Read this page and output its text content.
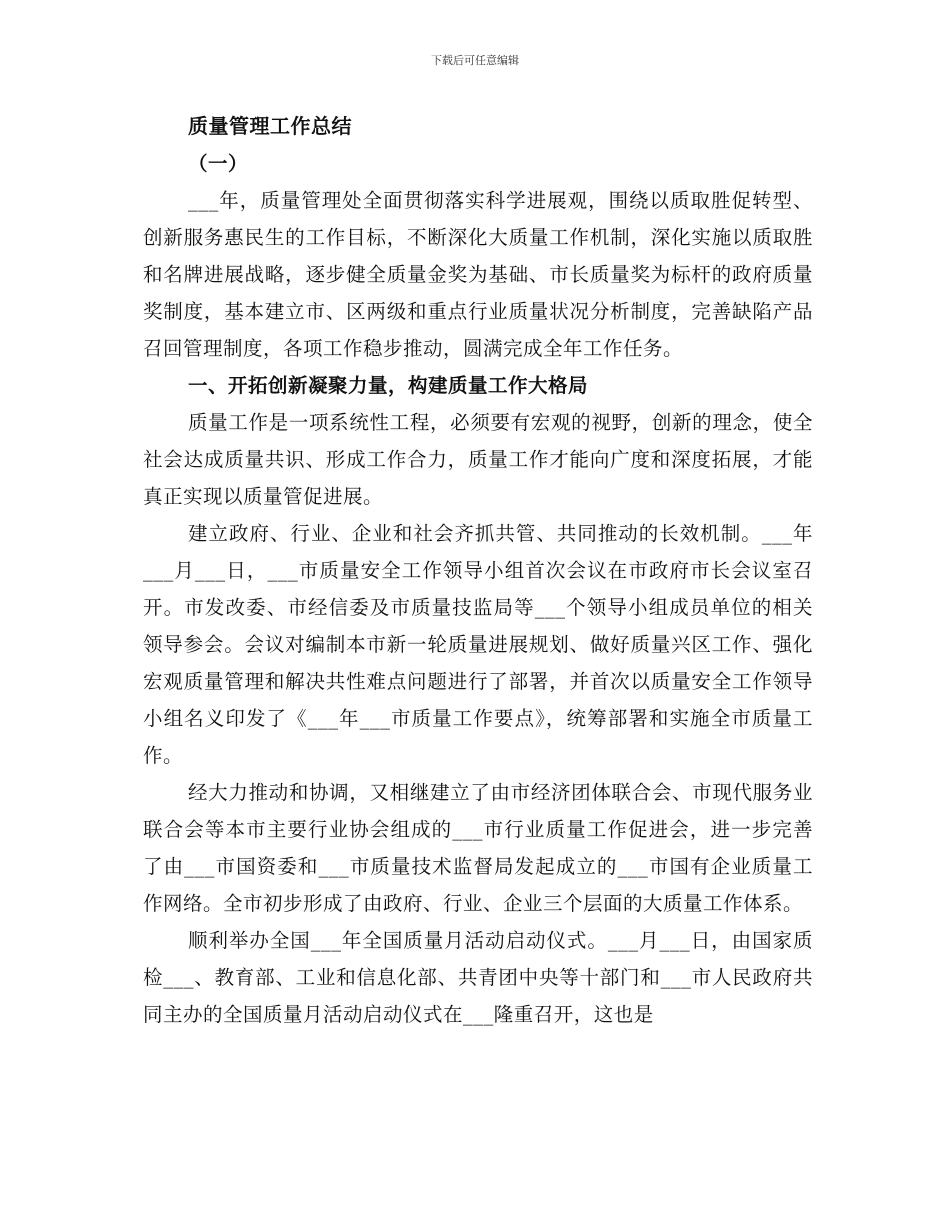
下载后可任意编辑

质量管理工作总结

（一）

___年，质量管理处全面贯彻落实科学进展观，围绕以质取胜促转型、创新服务惠民生的工作目标，不断深化大质量工作机制，深化实施以质取胜和名牌进展战略，逐步健全质量金奖为基础、市长质量奖为标杆的政府质量奖制度，基本建立市、区两级和重点行业质量状况分析制度，完善缺陷产品召回管理制度，各项工作稳步推动，圆满完成全年工作任务。

一、开拓创新凝聚力量，构建质量工作大格局

质量工作是一项系统性工程，必须要有宏观的视野，创新的理念，使全社会达成质量共识、形成工作合力，质量工作才能向广度和深度拓展，才能真正实现以质量管促进展。

建立政府、行业、企业和社会齐抓共管、共同推动的长效机制。___年___月___日，___市质量安全工作领导小组首次会议在市政府市长会议室召开。市发改委、市经信委及市质量技监局等___个领导小组成员单位的相关领导参会。会议对编制本市新一轮质量进展规划、做好质量兴区工作、强化宏观质量管理和解决共性难点问题进行了部署，并首次以质量安全工作领导小组名义印发了《___年___市质量工作要点》，统筹部署和实施全市质量工作。

经大力推动和协调，又相继建立了由市经济团体联合会、市现代服务业联合会等本市主要行业协会组成的___市行业质量工作促进会，进一步完善了由___市国资委和___市质量技术监督局发起成立的___市国有企业质量工作网络。全市初步形成了由政府、行业、企业三个层面的大质量工作体系。

顺利举办全国___年全国质量月活动启动仪式。___月___日，由国家质检___、教育部、工业和信息化部、共青团中央等十部门和___市人民政府共同主办的全国质量月活动启动仪式在___隆重召开，这也是
